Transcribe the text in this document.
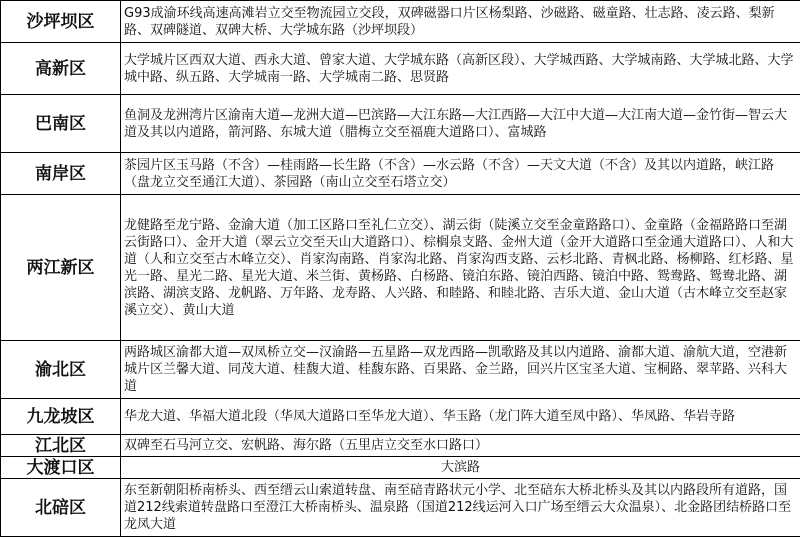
沙坪坝区	G93成渝环线高速高滩岩立交至物流园立交段，双碑磁器口片区杨梨路、沙磁路、磁童路、壮志路、凌云路、梨新路、双碑隧道、双碑大桥、大学城东路（沙坪坝段）
高新区	大学城片区西双大道、西永大道、曾家大道、大学城东路（高新区段）、大学城西路、大学城南路、大学城北路、大学城中路、纵五路、大学城南一路、大学城南二路、思贤路
巴南区	鱼洞及龙洲湾片区渝南大道—龙洲大道—巴滨路—大江东路—大江西路—大江中大道—大江南大道—金竹街—智云大道及其以内道路，箭河路、东城大道（腊梅立交至福鹿大道路口）、富城路
南岸区	茶园片区玉马路（不含）—桂雨路—长生路（不含）—水云路（不含）—天文大道（不含）及其以内道路，峡江路（盘龙立交至通江大道）、茶园路（南山立交至石塔立交）
两江新区	龙健路至龙宁路、金渝大道（加工区路口至礼仁立交）、湖云街（陡溪立交至金童路路口）、金童路（金福路路口至湖云街路口）、金开大道（翠云立交至天山大道路口）、棕榈泉支路、金州大道（金开大道路口至金通大道路口）、人和大道（人和立交至古木峰立交）、肖家沟南路、肖家沟北路、肖家沟西支路、云杉北路、青枫北路、杨柳路、红杉路、星光一路、星光二路、星光大道、米兰街、黄杨路、白杨路、镜泊东路、镜泊西路、镜泊中路、鸳鸯路、鸳鸯北路、湖滨路、湖滨支路、龙帆路、万年路、龙寿路、人兴路、和睦路、和睦北路、吉乐大道、金山大道（古木峰立交至赵家溪立交）、黄山大道
渝北区	两路城区渝都大道—双凤桥立交—汉渝路—五星路—双龙西路—凯歌路及其以内道路、渝都大道、渝航大道，空港新城片区兰馨大道、同茂大道、桂馥大道、桂馥东路、百果路、金兰路，回兴片区宝圣大道、宝桐路、翠苹路、兴科大道
九龙坡区	华龙大道、华福大道北段（华凤大道路口至华龙大道）、华玉路（龙门阵大道至凤中路）、华凤路、华岩寺路
江北区	双碑至石马河立交、宏帆路、海尔路（五里店立交至水口路口）
大渡口区	大滨路
北碚区	东至新朝阳桥南桥头、西至缙云山索道转盘、南至碚青路状元小学、北至碚东大桥北桥头及其以内路段所有道路，国道212线索道转盘路口至澄江大桥南桥头、温泉路（国道212线运河入口广场至缙云大众温泉）、北金路团结桥路口至龙凤大道
